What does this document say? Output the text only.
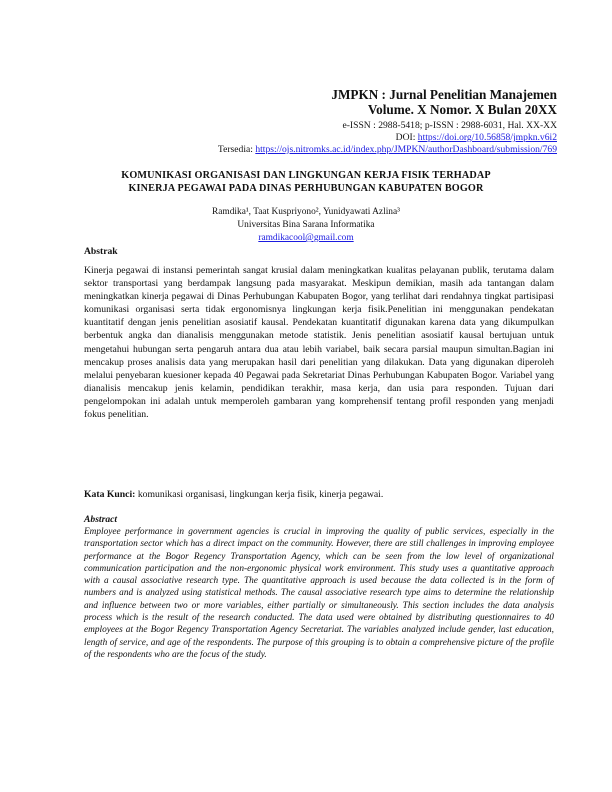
JMPKN : Jurnal Penelitian Manajemen
Volume. X Nomor. X Bulan 20XX
e-ISSN : 2988-5418; p-ISSN : 2988-6031, Hal. XX-XX
DOI: https://doi.org/10.56858/jmpkn.v6i2
Tersedia: https://ojs.nitromks.ac.id/index.php/JMPKN/authorDashboard/submission/769
KOMUNIKASI ORGANISASI DAN LINGKUNGAN KERJA FISIK TERHADAP
KINERJA PEGAWAI PADA DINAS PERHUBUNGAN KABUPATEN BOGOR
Ramdika¹, Taat Kuspriyono², Yunidyawati Azlina³
Universitas Bina Sarana Informatika
ramdikacool@gmail.com
Abstrak
Kinerja pegawai di instansi pemerintah sangat krusial dalam meningkatkan kualitas pelayanan publik, terutama dalam sektor transportasi yang berdampak langsung pada masyarakat. Meskipun demikian, masih ada tantangan dalam meningkatkan kinerja pegawai di Dinas Perhubungan Kabupaten Bogor, yang terlihat dari rendahnya tingkat partisipasi komunikasi organisasi serta tidak ergonomisnya lingkungan kerja fisik.Penelitian ini menggunakan pendekatan kuantitatif dengan jenis penelitian asosiatif kausal. Pendekatan kuantitatif digunakan karena data yang dikumpulkan berbentuk angka dan dianalisis menggunakan metode statistik. Jenis penelitian asosiatif kausal bertujuan untuk mengetahui hubungan serta pengaruh antara dua atau lebih variabel, baik secara parsial maupun simultan.Bagian ini mencakup proses analisis data yang merupakan hasil dari penelitian yang dilakukan. Data yang digunakan diperoleh melalui penyebaran kuesioner kepada 40 Pegawai pada Sekretariat Dinas Perhubungan Kabupaten Bogor. Variabel yang dianalisis mencakup jenis kelamin, pendidikan terakhir, masa kerja, dan usia para responden. Tujuan dari pengelompokan ini adalah untuk memperoleh gambaran yang komprehensif tentang profil responden yang menjadi fokus penelitian.
Kata Kunci: komunikasi organisasi, lingkungan kerja fisik, kinerja pegawai.
Abstract
Employee performance in government agencies is crucial in improving the quality of public services, especially in the transportation sector which has a direct impact on the community. However, there are still challenges in improving employee performance at the Bogor Regency Transportation Agency, which can be seen from the low level of organizational communication participation and the non-ergonomic physical work environment. This study uses a quantitative approach with a causal associative research type. The quantitative approach is used because the data collected is in the form of numbers and is analyzed using statistical methods. The causal associative research type aims to determine the relationship and influence between two or more variables, either partially or simultaneously. This section includes the data analysis process which is the result of the research conducted. The data used were obtained by distributing questionnaires to 40 employees at the Bogor Regency Transportation Agency Secretariat. The variables analyzed include gender, last education, length of service, and age of the respondents. The purpose of this grouping is to obtain a comprehensive picture of the profile of the respondents who are the focus of the study.
